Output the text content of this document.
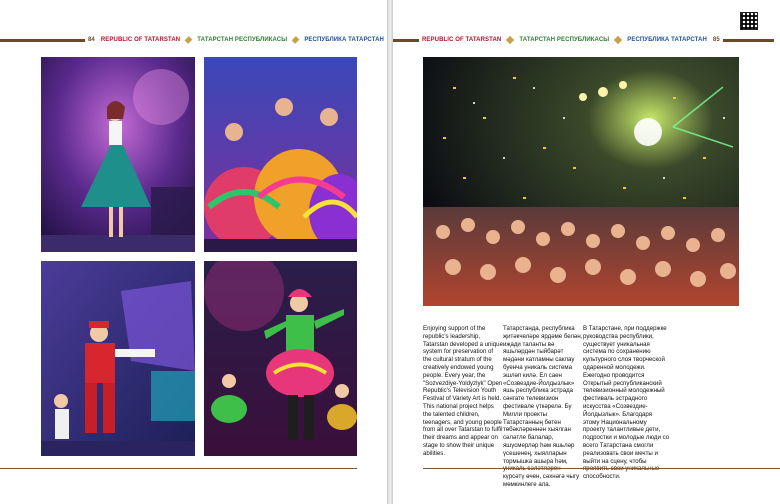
84 REPUBLIC OF TATARSTAN	ТАТАРСТАН РЕСПУБЛИКАСЫ	РЕСПУБЛИКА ТАТАРСТАН	REPUBLIC OF TATARSTAN	ТАТАРСТАН РЕСПУБЛИКАСЫ	РЕСПУБЛИКА ТАТАРСТАН 85
Enjoying support of the republic's leadership, Tatarstan developed a unique system for preservation of the cultural stratum of the creatively endowed young people. Every year, the "Sozvezdiye-Yoldyzlyk" Open Republic's Television Youth Festival of Variety Art is held. This national project helps the talented children, teenagers, and young people from all over Tatarstan to fulfil their dreams and appear on stage to show their unique abilities.
Татарстанда, республика җитәкчеләре ярдәме белән, иҗади таланты вә яшьләрдән тыйбарәт мәдәни катламны саклау буенча уникаль система эшләп килә. Ел саен «Созвездие-Йолдызлык» яшь республика эстрада сәнгате телевизион фестивале үткәрелә. Бу Милли проекты Татарстанның бөтен төбәкләреннән хыялган сәләтле балалар, яшүсмерләр һәм яшьләр үсешенең, хыялларын тормышка ашыра һәм, күрсәтү өчен, сәхнәгә чыгу мөмкинлеге ала.
В Татарстане, при поддержке руководства республики, существует уникальная система по сохранению культурного слоя творческой одаренной молодежи. Ежегодно проводится Открытый республиканский телевизионный молодежный фестиваль эстрадного искусства «Созвездие-Йолдызлык». Благодаря этому Национальному проекту талантливые дети, подростки и молодые люди со всего Татарстана смогли реализовать свои мечты и выйти на сцену, чтобы способности.
